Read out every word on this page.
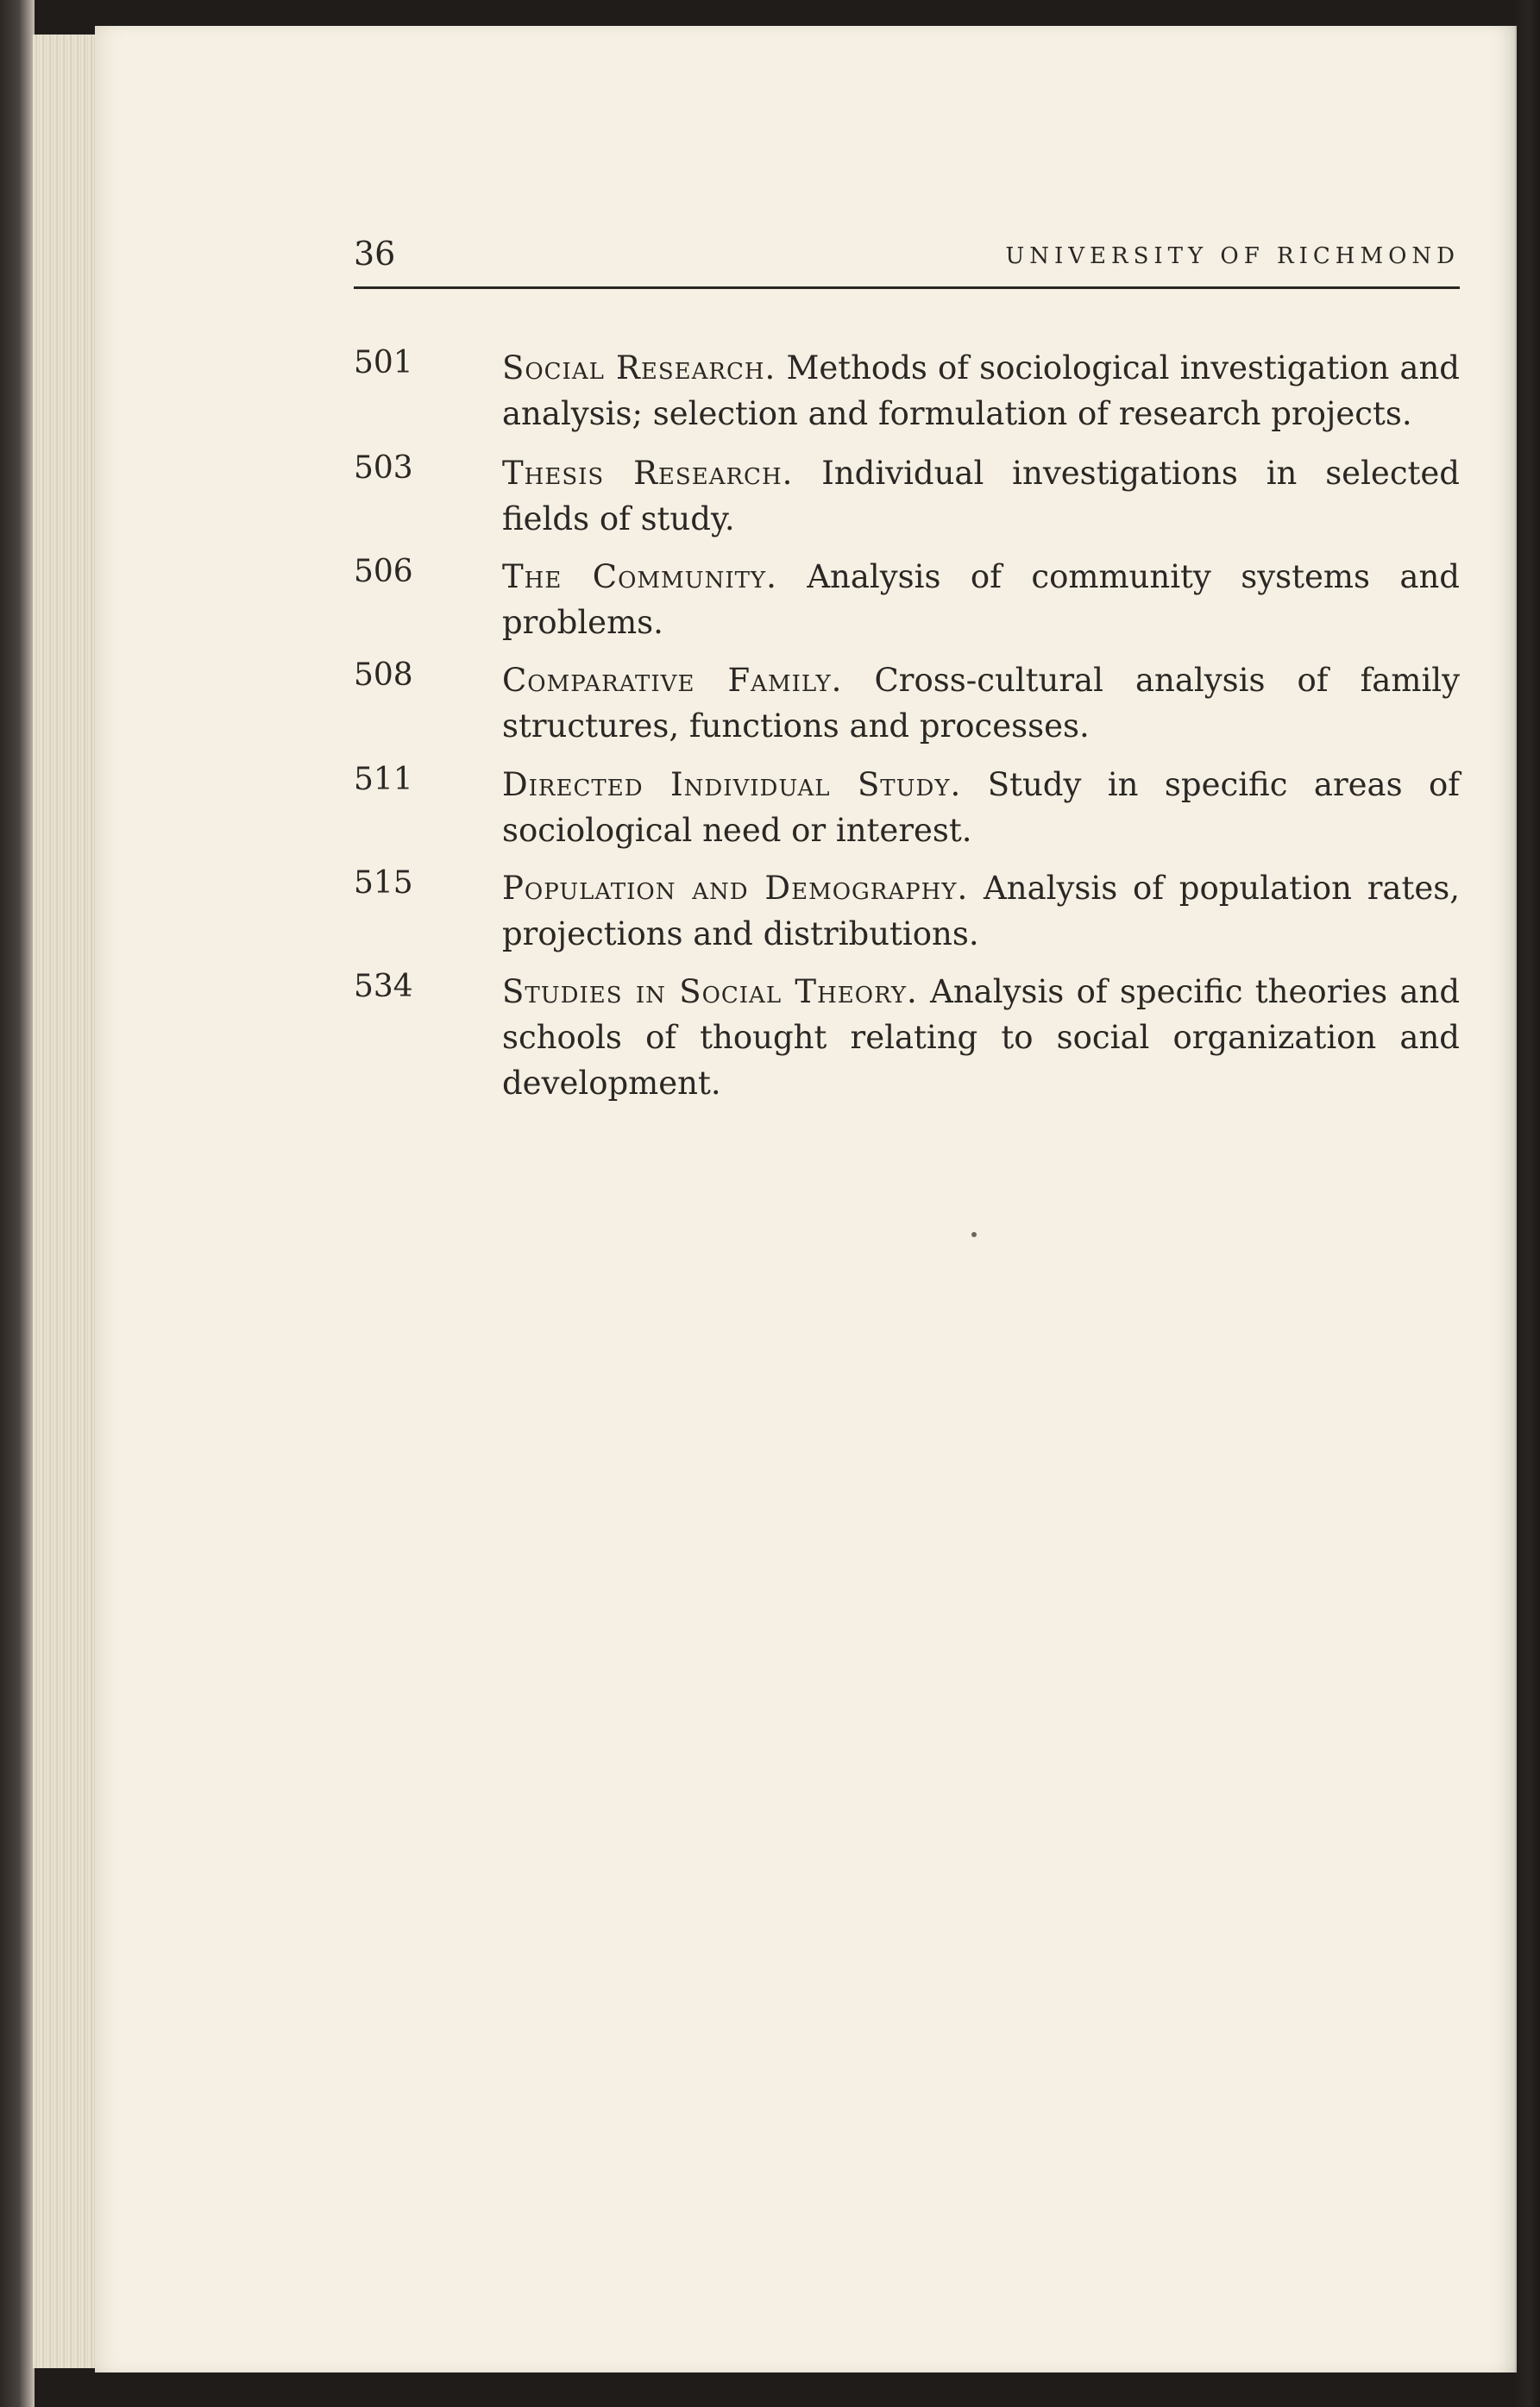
36	UNIVERSITY OF RICHMOND
501	Social Research. Methods of sociological investigation and analysis; selection and formulation of research projects.
503	Thesis Research. Individual investigations in selected fields of study.
506	The Community. Analysis of community systems and problems.
508	Comparative Family. Cross-cultural analysis of family structures, functions and processes.
511	Directed Individual Study. Study in specific areas of sociological need or interest.
515	Population and Demography. Analysis of population rates, projections and distributions.
534	Studies in Social Theory. Analysis of specific theories and schools of thought relating to social organization and development.
